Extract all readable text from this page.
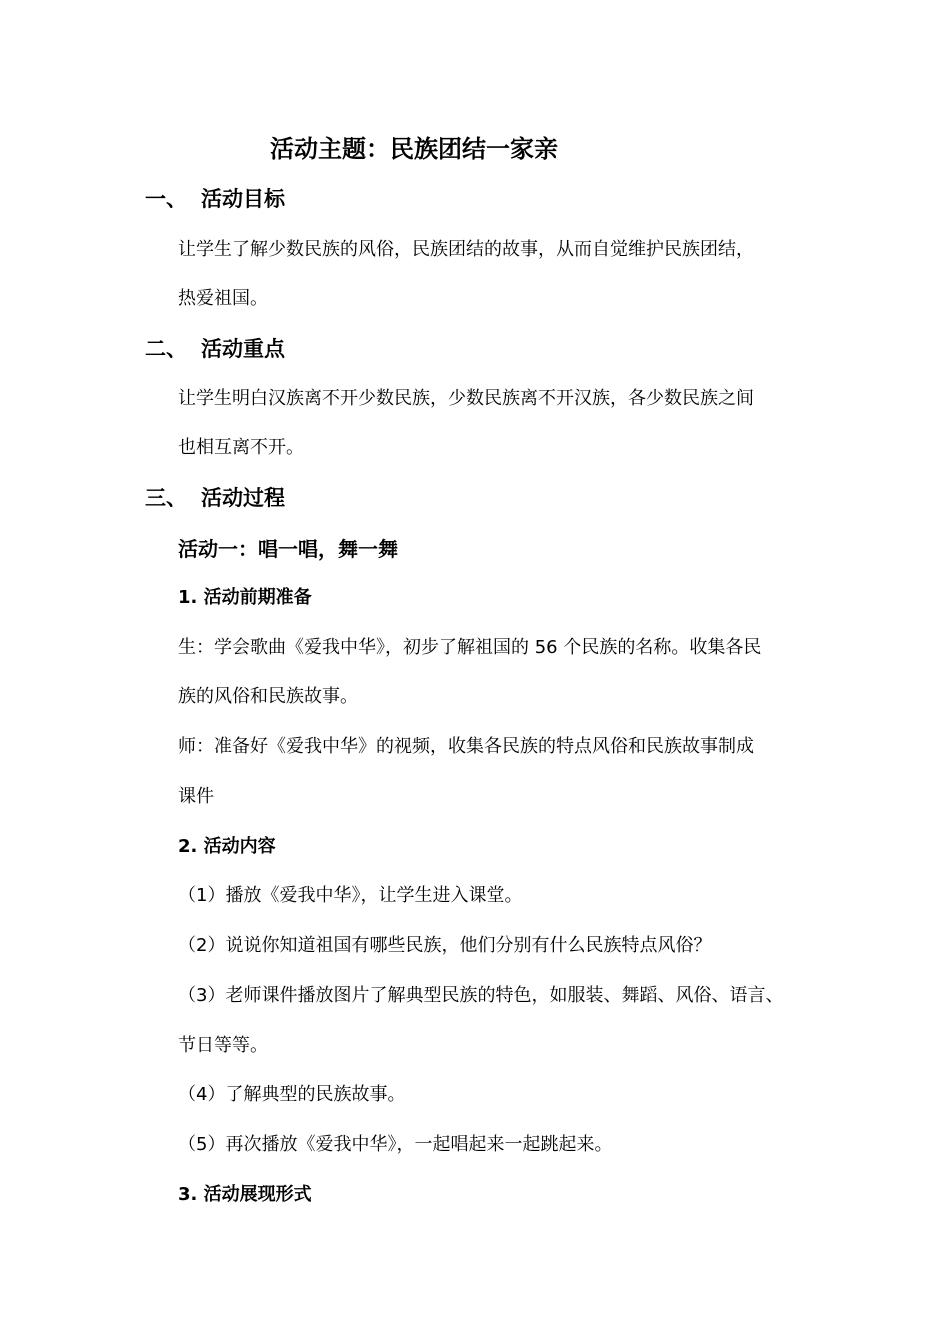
活动主题：民族团结一家亲
一、 活动目标
让学生了解少数民族的风俗，民族团结的故事，从而自觉维护民族团结，
热爱祖国。
二、 活动重点
让学生明白汉族离不开少数民族，少数民族离不开汉族，各少数民族之间
也相互离不开。
三、 活动过程
活动一：唱一唱，舞一舞
1. 活动前期准备
生：学会歌曲《爱我中华》，初步了解祖国的 56 个民族的名称。收集各民
族的风俗和民族故事。
师：准备好《爱我中华》的视频，收集各民族的特点风俗和民族故事制成
课件
2. 活动内容
（1）播放《爱我中华》，让学生进入课堂。
（2）说说你知道祖国有哪些民族，他们分别有什么民族特点风俗？
（3）老师课件播放图片了解典型民族的特色，如服装、舞蹈、风俗、语言、
节日等等。
（4）了解典型的民族故事。
（5）再次播放《爱我中华》，一起唱起来一起跳起来。
3. 活动展现形式
